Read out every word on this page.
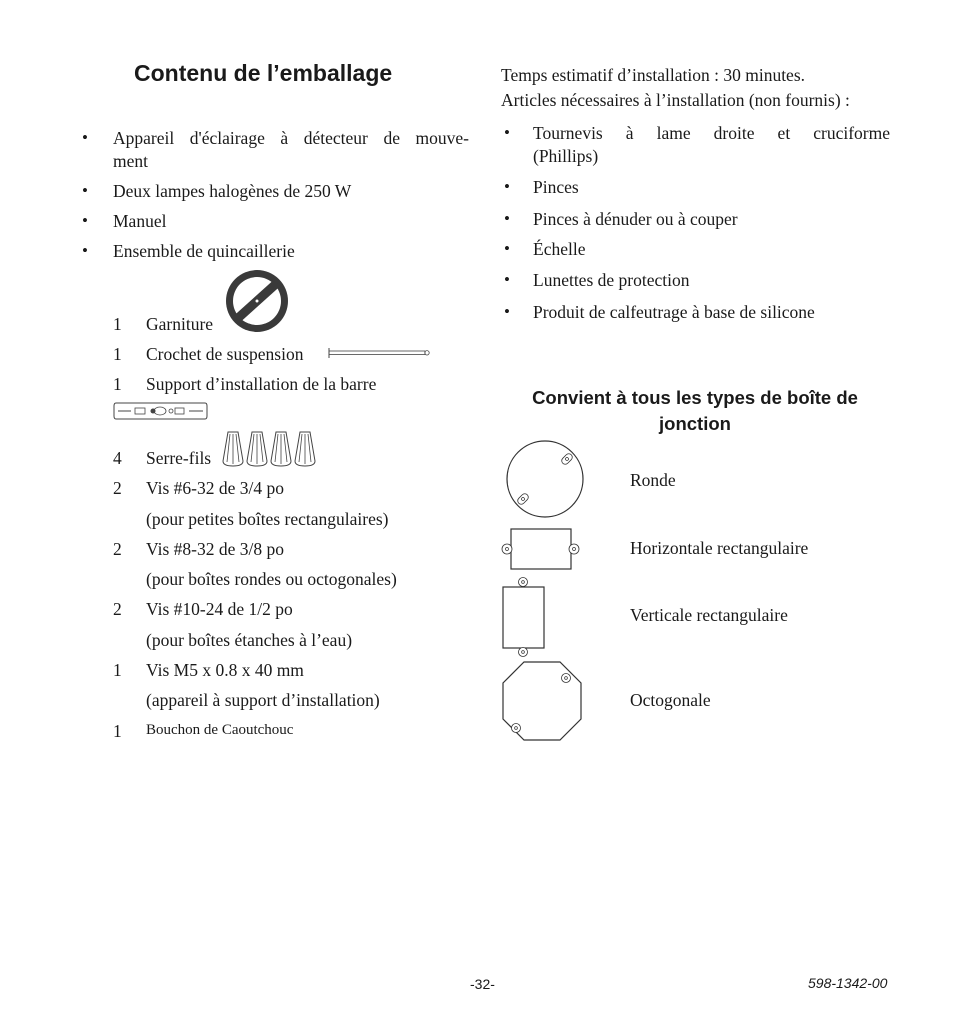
Contenu de l’emballage
• Appareil d'éclairage à détecteur de mouve-
ment
• Deux lampes halogènes de 250 W
• Manuel
• Ensemble de quincaillerie
1 Garniture
1 Crochet de suspension
1 Support d’installation de la barre
4 Serre-fils
2 Vis #6-32 de 3/4 po
(pour petites boîtes rectangulaires)
2 Vis #8-32 de 3/8 po
(pour boîtes rondes ou octogonales)
2 Vis #10-24 de 1/2 po
(pour boîtes étanches à l’eau)
1 Vis M5 x 0.8 x 40 mm
(appareil à support d’installation)
1 Bouchon de Caoutchouc
Temps estimatif d’installation : 30 minutes.
Articles nécessaires à l’installation (non fournis) :
• Tournevis à lame droite et cruciforme
(Phillips)
• Pinces
• Pinces à dénuder ou à couper
• Échelle
• Lunettes de protection
• Produit de calfeutrage à base de silicone
Convient à tous les types de boîte de jonction
Ronde
Horizontale rectangulaire
Verticale rectangulaire
Octogonale
-32-	598-1342-00
